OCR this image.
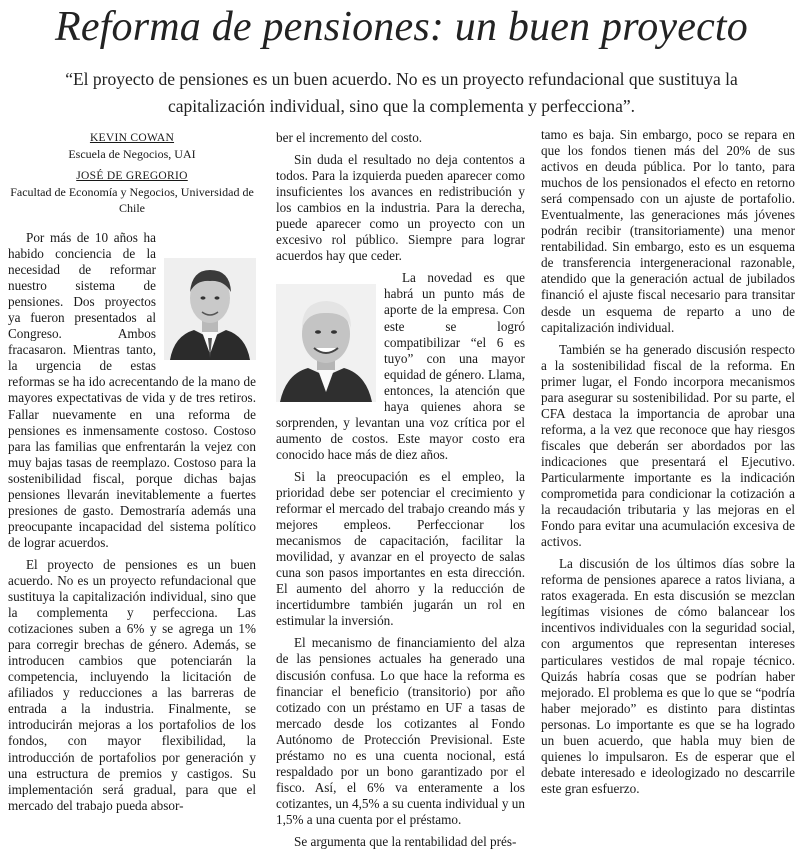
Reforma de pensiones: un buen proyecto
“El proyecto de pensiones es un buen acuerdo. No es un proyecto refundacional que sustituya la capitalización individual, sino que la complementa y perfecciona”.
KEVIN COWAN
Escuela de Negocios, UAI
JOSÉ DE GREGORIO
Facultad de Economía y Negocios, Universidad de Chile

Por más de 10 años ha habido conciencia de la necesidad de reformar nuestro sistema de pensiones. Dos proyectos ya fueron presentados al Congreso. Ambos fracasaron. Mientras tanto, la urgencia de estas reformas se ha ido acrecentando de la mano de mayores expectativas de vida y de tres retiros. Fallar nuevamente en una reforma de pensiones es inmensamente costoso. Costoso para las familias que enfrentarán la vejez con muy bajas tasas de reemplazo. Costoso para la sostenibilidad fiscal, porque dichas bajas pensiones llevarán inevitablemente a fuertes presiones de gasto. Demostraría además una preocupante incapacidad del sistema político de lograr acuerdos.

El proyecto de pensiones es un buen acuerdo. No es un proyecto refundacional que sustituya la capitalización individual, sino que la complementa y perfecciona. Las cotizaciones suben a 6% y se agrega un 1% para corregir brechas de género. Además, se introducen cambios que potenciarán la competencia, incluyendo la licitación de afiliados y reducciones a las barreras de entrada a la industria. Finalmente, se introducirán mejoras a los portafolios de los fondos, con mayor flexibilidad, la introducción de portafolios por generación y una estructura de premios y castigos. Su implementación será gradual, para que el mercado del trabajo pueda absor-

ber el incremento del costo.

Sin duda el resultado no deja contentos a todos. Para la izquierda pueden aparecer como insuficientes los avances en redistribución y los cambios en la industria. Para la derecha, puede aparecer como un proyecto con un excesivo rol público. Siempre para lograr acuerdos hay que ceder.

La novedad es que habrá un punto más de aporte de la empresa. Con este se logró compatibilizar “el 6 es tuyo” con una mayor equidad de género. Llama, entonces, la atención que haya quienes ahora se sorprenden, y levantan una voz crítica por el aumento de costos. Este mayor costo era conocido hace más de diez años.

Si la preocupación es el empleo, la prioridad debe ser potenciar el crecimiento y reformar el mercado del trabajo creando más y mejores empleos. Perfeccionar los mecanismos de capacitación, facilitar la movilidad, y avanzar en el proyecto de salas cuna son pasos importantes en esta dirección. El aumento del ahorro y la reducción de incertidumbre también jugarán un rol en estimular la inversión.

El mecanismo de financiamiento del alza de las pensiones actuales ha generado una discusión confusa. Lo que hace la reforma es financiar el beneficio (transitorio) por año cotizado con un préstamo en UF a tasas de mercado desde los cotizantes al Fondo Autónomo de Protección Previsional. Este préstamo no es una cuenta nocional, está respaldado por un bono garantizado por el fisco. Así, el 6% va enteramente a los cotizantes, un 4,5% a su cuenta individual y un 1,5% a una cuenta por el préstamo.

Se argumenta que la rentabilidad del prés-

tamo es baja. Sin embargo, poco se repara en que los fondos tienen más del 20% de sus activos en deuda pública. Por lo tanto, para muchos de los pensionados el efecto en retorno será compensado con un ajuste de portafolio. Eventualmente, las generaciones más jóvenes podrán recibir (transitoriamente) una menor rentabilidad. Sin embargo, esto es un esquema de transferencia intergeneracional razonable, atendido que la generación actual de jubilados financió el ajuste fiscal necesario para transitar desde un esquema de reparto a uno de capitalización individual.

También se ha generado discusión respecto a la sostenibilidad fiscal de la reforma. En primer lugar, el Fondo incorpora mecanismos para asegurar su sostenibilidad. Por su parte, el CFA destaca la importancia de aprobar una reforma, a la vez que reconoce que hay riesgos fiscales que deberán ser abordados por las indicaciones que presentará el Ejecutivo. Particularmente importante es la indicación comprometida para condicionar la cotización a la recaudación tributaria y las mejoras en el Fondo para evitar una acumulación excesiva de activos.

La discusión de los últimos días sobre la reforma de pensiones aparece a ratos liviana, a ratos exagerada. En esta discusión se mezclan legítimas visiones de cómo balancear los incentivos individuales con la seguridad social, con argumentos que representan intereses particulares vestidos de mal ropaje técnico. Quizás habría cosas que se podrían haber mejorado. El problema es que lo que se “podría haber mejorado” es distinto para distintas personas. Lo importante es que se ha logrado un buen acuerdo, que habla muy bien de quienes lo impulsaron. Es de esperar que el debate interesado e ideologizado no descarrile este gran esfuerzo.
